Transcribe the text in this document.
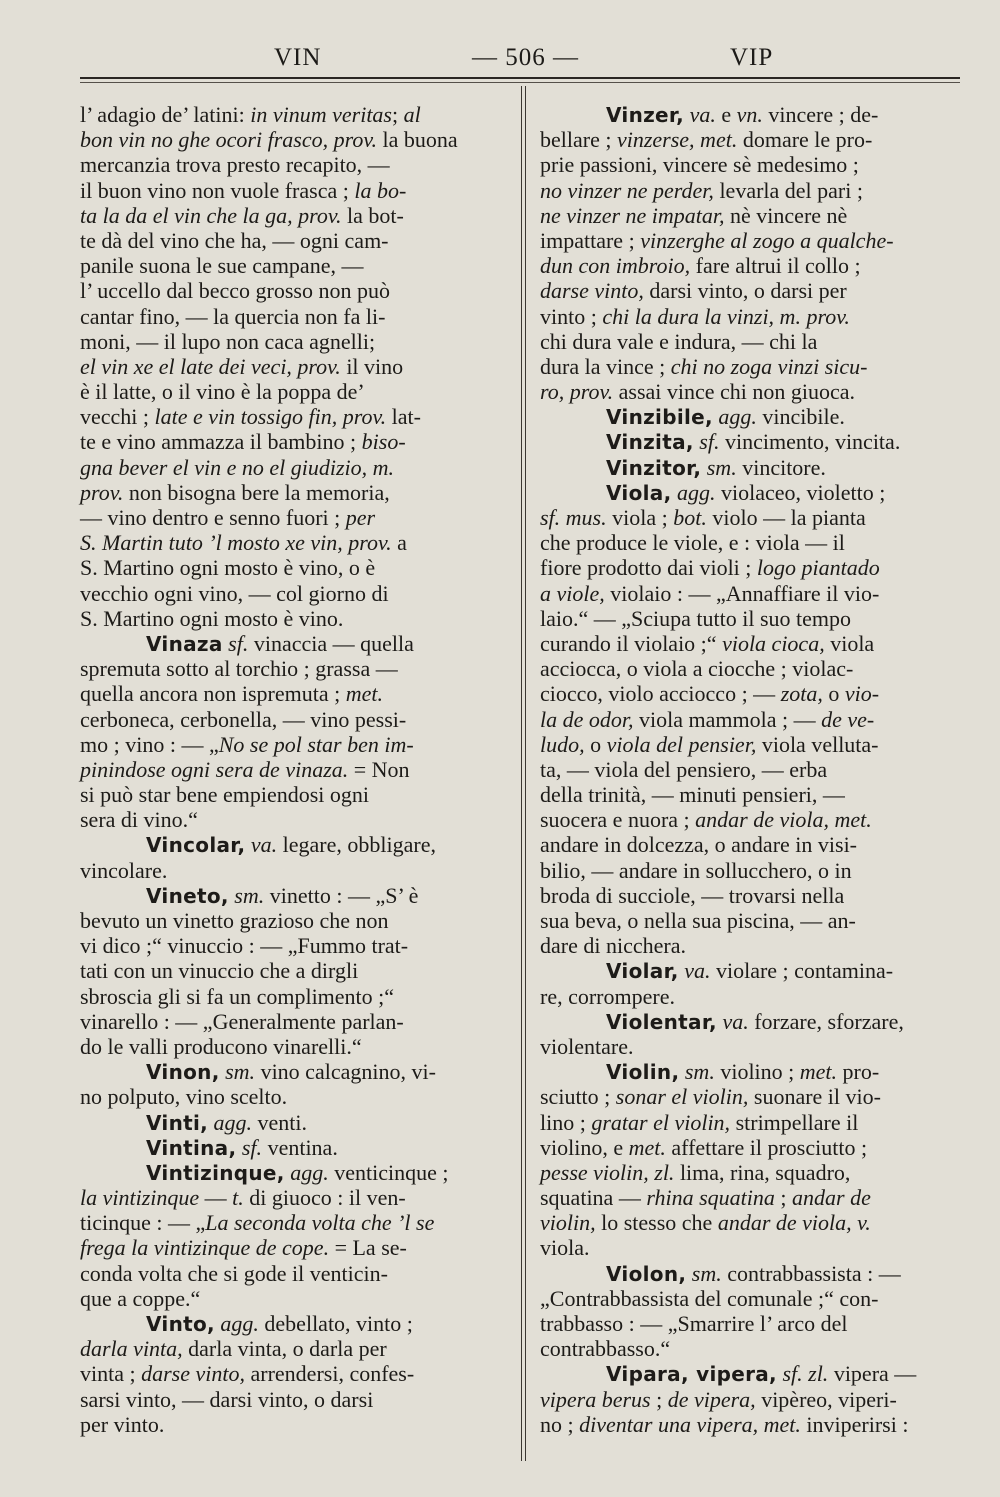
VIN	— 506 —	VIP
l’ adagio de’ latini: in vinum veritas; al
bon vin no ghe ocori frasco, prov. la buona
mercanzia trova presto recapito, —
il buon vino non vuole frasca ; la bo-
ta la da el vin che la ga, prov. la bot-
te dà del vino che ha, — ogni cam-
panile suona le sue campane, —
l’ uccello dal becco grosso non può
cantar fino, — la quercia non fa li-
moni, — il lupo non caca agnelli;
el vin xe el late dei veci, prov. il vino
è il latte, o il vino è la poppa de’
vecchi ; late e vin tossigo fin, prov. lat-
te e vino ammazza il bambino ; biso-
gna bever el vin e no el giudizio, m.
prov. non bisogna bere la memoria,
— vino dentro e senno fuori ; per
S. Martin tuto ’l mosto xe vin, prov. a
S. Martino ogni mosto è vino, o è
vecchio ogni vino, — col giorno di
S. Martino ogni mosto è vino.
Vinaza sf. vinaccia — quella
spremuta sotto al torchio ; grassa —
quella ancora non ispremuta ; met.
cerboneca, cerbonella, — vino pessi-
mo ; vino : — „No se pol star ben im-
pinindose ogni sera de vinaza. = Non
si può star bene empiendosi ogni
sera di vino.“
Vincolar, va. legare, obbligare,
vincolare.
Vineto, sm. vinetto : — „S’ è
bevuto un vinetto grazioso che non
vi dico ;“ vinuccio : — „Fummo trat-
tati con un vinuccio che a dirgli
sbroscia gli si fa un complimento ;“
vinarello : — „Generalmente parlan-
do le valli producono vinarelli.“
Vinon, sm. vino calcagnino, vi-
no polputo, vino scelto.
Vinti, agg. venti.
Vintina, sf. ventina.
Vintizinque, agg. venticinque ;
la vintizinque — t. di giuoco : il ven-
ticinque : — „La seconda volta che ’l se
frega la vintizinque de cope. = La se-
conda volta che si gode il venticin-
que a coppe.“
Vinto, agg. debellato, vinto ;
darla vinta, darla vinta, o darla per
vinta ; darse vinto, arrendersi, confes-
sarsi vinto, — darsi vinto, o darsi
per vinto.
Vinzer, va. e vn. vincere ; de-
bellare ; vinzerse, met. domare le pro-
prie passioni, vincere sè medesimo ;
no vinzer ne perder, levarla del pari ;
ne vinzer ne impatar, nè vincere nè
impattare ; vinzerghe al zogo a qualche-
dun con imbroio, fare altrui il collo ;
darse vinto, darsi vinto, o darsi per
vinto ; chi la dura la vinzi, m. prov.
chi dura vale e indura, — chi la
dura la vince ; chi no zoga vinzi sicu-
ro, prov. assai vince chi non giuoca.
Vinzibile, agg. vincibile.
Vinzita, sf. vincimento, vincita.
Vinzitor, sm. vincitore.
Viola, agg. violaceo, violetto ;
sf. mus. viola ; bot. violo — la pianta
che produce le viole, e : viola — il
fiore prodotto dai violi ; logo piantado
a viole, violaio : — „Annaffiare il vio-
laio.“ — „Sciupa tutto il suo tempo
curando il violaio ;“ viola cioca, viola
acciocca, o viola a ciocche ; violac-
ciocco, violo acciocco ; — zota, o vio-
la de odor, viola mammola ; — de ve-
ludo, o viola del pensier, viola velluta-
ta, — viola del pensiero, — erba
della trinità, — minuti pensieri, —
suocera e nuora ; andar de viola, met.
andare in dolcezza, o andare in visi-
bilio, — andare in sollucchero, o in
broda di succiole, — trovarsi nella
sua beva, o nella sua piscina, — an-
dare di nicchera.
Violar, va. violare ; contamina-
re, corrompere.
Violentar, va. forzare, sforzare,
violentare.
Violin, sm. violino ; met. pro-
sciutto ; sonar el violin, suonare il vio-
lino ; gratar el violin, strimpellare il
violino, e met. affettare il prosciutto ;
pesse violin, zl. lima, rina, squadro,
squatina — rhina squatina ; andar de
violin, lo stesso che andar de viola, v.
viola.
Violon, sm. contrabbassista : —
„Contrabbassista del comunale ;“ con-
trabbasso : — „Smarrire l’ arco del
contrabbasso.“
Vipara, vipera, sf. zl. vipera —
vipera berus ; de vipera, vipèreo, viperi-
no ; diventar una vipera, met. inviperirsi :
